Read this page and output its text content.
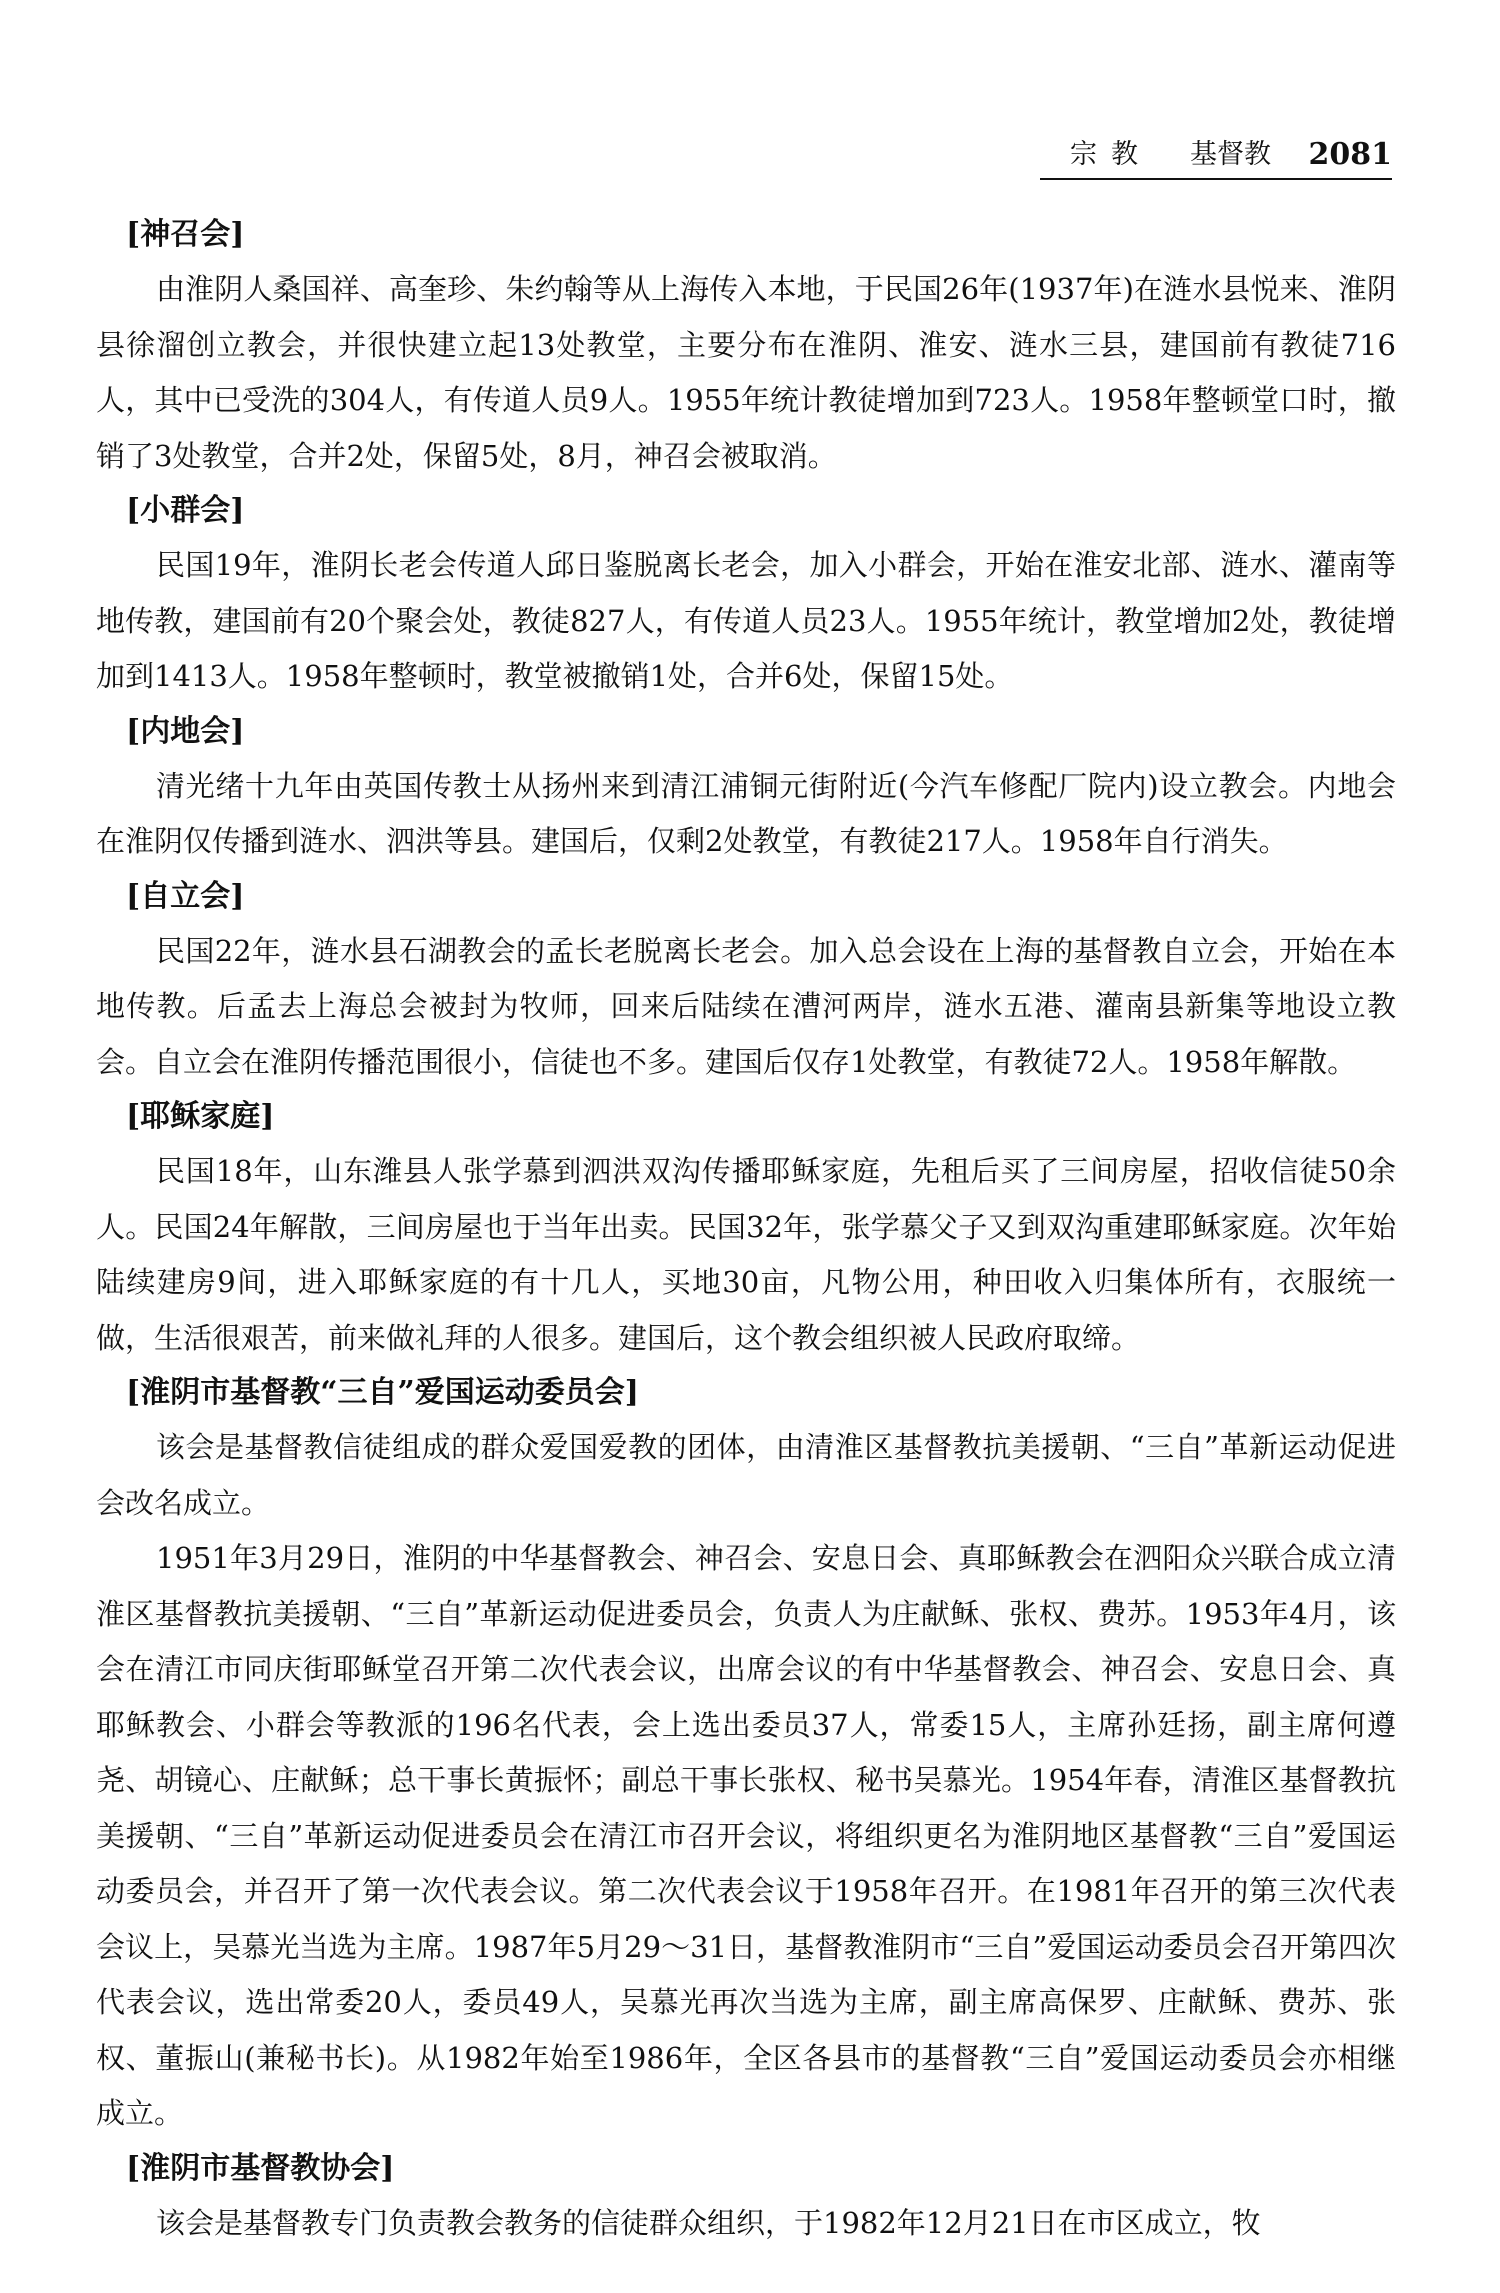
宗教 基督教 2081
[神召会]

由淮阴人桑国祥、高奎珍、朱约翰等从上海传入本地，于民国26年(1937年)在涟水县悦来、淮阴县徐溜创立教会，并很快建立起13处教堂，主要分布在淮阴、淮安、涟水三县，建国前有教徒716人，其中已受洗的304人，有传道人员9人。1955年统计教徒增加到723人。1958年整顿堂口时，撤销了3处教堂，合并2处，保留5处，8月，神召会被取消。

[小群会]

民国19年，淮阴长老会传道人邱日鉴脱离长老会，加入小群会，开始在淮安北部、涟水、灌南等地传教，建国前有20个聚会处，教徒827人，有传道人员23人。1955年统计，教堂增加2处，教徒增加到1413人。1958年整顿时，教堂被撤销1处，合并6处，保留15处。

[内地会]

清光绪十九年由英国传教士从扬州来到清江浦铜元街附近(今汽车修配厂院内)设立教会。内地会在淮阴仅传播到涟水、泗洪等县。建国后，仅剩2处教堂，有教徒217人。1958年自行消失。

[自立会]

民国22年，涟水县石湖教会的孟长老脱离长老会。加入总会设在上海的基督教自立会，开始在本地传教。后孟去上海总会被封为牧师，回来后陆续在漕河两岸，涟水五港、灌南县新集等地设立教会。自立会在淮阴传播范围很小，信徒也不多。建国后仅存1处教堂，有教徒72人。1958年解散。

[耶稣家庭]

民国18年，山东潍县人张学慕到泗洪双沟传播耶稣家庭，先租后买了三间房屋，招收信徒50余人。民国24年解散，三间房屋也于当年出卖。民国32年，张学慕父子又到双沟重建耶稣家庭。次年始陆续建房9间，进入耶稣家庭的有十几人，买地30亩，凡物公用，种田收入归集体所有，衣服统一做，生活很艰苦，前来做礼拜的人很多。建国后，这个教会组织被人民政府取缔。

[淮阴市基督教“三自”爱国运动委员会]

该会是基督教信徒组成的群众爱国爱教的团体，由清淮区基督教抗美援朝、“三自”革新运动促进会改名成立。

1951年3月29日，淮阴的中华基督教会、神召会、安息日会、真耶稣教会在泗阳众兴联合成立清淮区基督教抗美援朝、“三自”革新运动促进委员会，负责人为庄献稣、张权、费苏。1953年4月，该会在清江市同庆街耶稣堂召开第二次代表会议，出席会议的有中华基督教会、神召会、安息日会、真耶稣教会、小群会等教派的196名代表，会上选出委员37人，常委15人，主席孙廷扬，副主席何遵尧、胡镜心、庄献稣；总干事长黄振怀；副总干事长张权、秘书吴慕光。1954年春，清淮区基督教抗美援朝、“三自”革新运动促进委员会在清江市召开会议，将组织更名为淮阴地区基督教“三自”爱国运动委员会，并召开了第一次代表会议。第二次代表会议于1958年召开。在1981年召开的第三次代表会议上，吴慕光当选为主席。1987年5月29～31日，基督教淮阴市“三自”爱国运动委员会召开第四次代表会议，选出常委20人，委员49人，吴慕光再次当选为主席，副主席高保罗、庄献稣、费苏、张权、董振山(兼秘书长)。从1982年始至1986年，全区各县市的基督教“三自”爱国运动委员会亦相继成立。

[淮阴市基督教协会]

该会是基督教专门负责教会教务的信徒群众组织，于1982年12月21日在市区成立，牧
